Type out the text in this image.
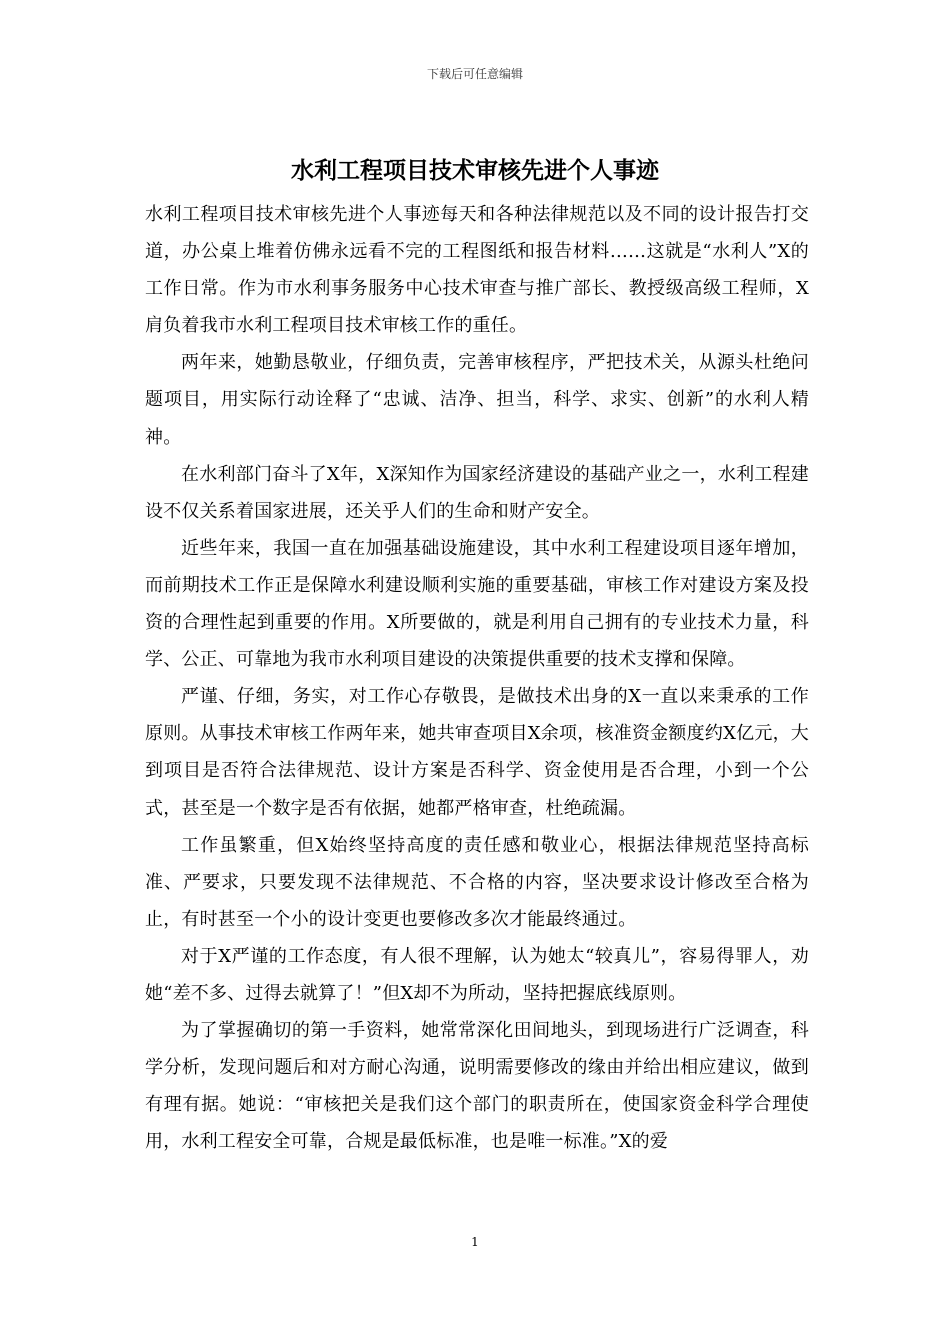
下载后可任意编辑
水利工程项目技术审核先进个人事迹

水利工程项目技术审核先进个人事迹每天和各种法律规范以及不同的设计报告打交道，办公桌上堆着仿佛永远看不完的工程图纸和报告材料……这就是“水利人”X的工作日常。作为市水利事务服务中心技术审查与推广部长、教授级高级工程师，X肩负着我市水利工程项目技术审核工作的重任。

两年来，她勤恳敬业，仔细负责，完善审核程序，严把技术关，从源头杜绝问题项目，用实际行动诠释了“忠诚、洁净、担当，科学、求实、创新”的水利人精神。

在水利部门奋斗了X年，X深知作为国家经济建设的基础产业之一，水利工程建设不仅关系着国家进展，还关乎人们的生命和财产安全。

近些年来，我国一直在加强基础设施建设，其中水利工程建设项目逐年增加，而前期技术工作正是保障水利建设顺利实施的重要基础，审核工作对建设方案及投资的合理性起到重要的作用。X所要做的，就是利用自己拥有的专业技术力量，科学、公正、可靠地为我市水利项目建设的决策提供重要的技术支撑和保障。

严谨、仔细，务实，对工作心存敬畏，是做技术出身的X一直以来秉承的工作原则。从事技术审核工作两年来，她共审查项目X余项，核准资金额度约X亿元，大到项目是否符合法律规范、设计方案是否科学、资金使用是否合理，小到一个公式，甚至是一个数字是否有依据，她都严格审查，杜绝疏漏。

工作虽繁重，但X始终坚持高度的责任感和敬业心，根据法律规范坚持高标准、严要求，只要发现不法律规范、不合格的内容，坚决要求设计修改至合格为止，有时甚至一个小的设计变更也要修改多次才能最终通过。

对于X严谨的工作态度，有人很不理解，认为她太“较真儿”，容易得罪人，劝她“差不多、过得去就算了！”但X却不为所动，坚持把握底线原则。

为了掌握确切的第一手资料，她常常深化田间地头，到现场进行广泛调查，科学分析，发现问题后和对方耐心沟通，说明需要修改的缘由并给出相应建议，做到有理有据。她说：“审核把关是我们这个部门的职责所在，使国家资金科学合理使用，水利工程安全可靠，合规是最低标准，也是唯一标准。”X的爱

1
